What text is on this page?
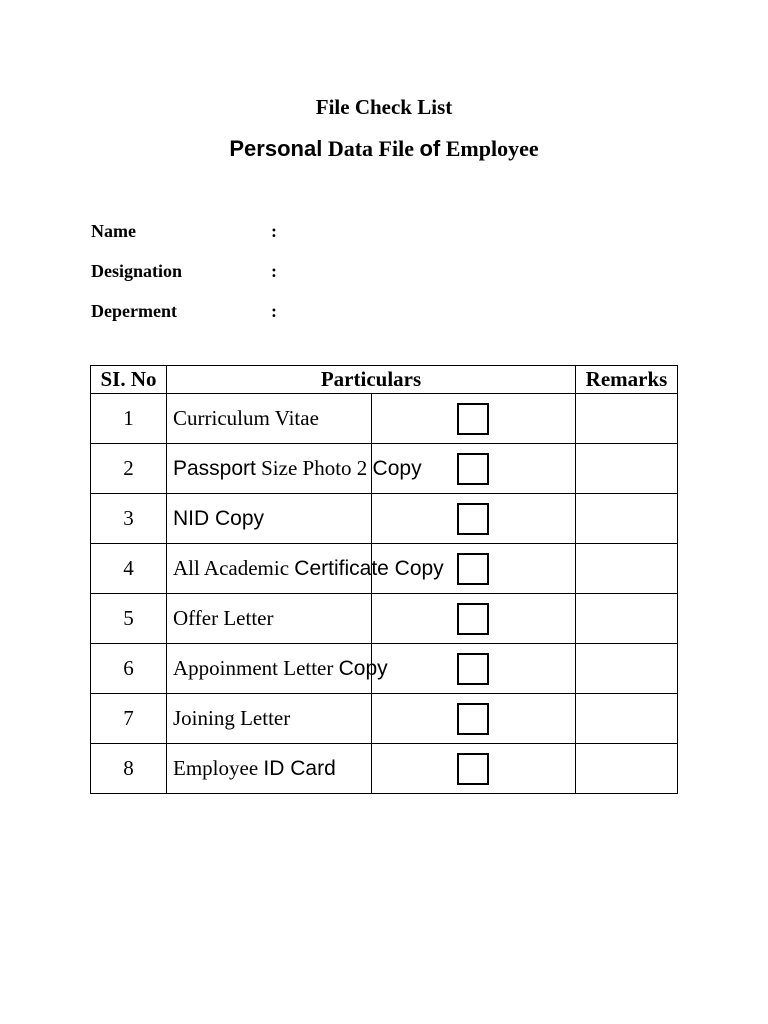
File Check List
Personal Data File of Employee
Name	:
Designation	:
Deperment	:
SI. No	Particulars		Remarks
1	Curriculum Vitae		
2	Passport Size Photo 2 Copy		
3	NID Copy		
4	All Academic Certificate Copy		
5	Offer Letter		
6	Appoinment Letter Copy		
7	Joining Letter		
8	Employee ID Card		
